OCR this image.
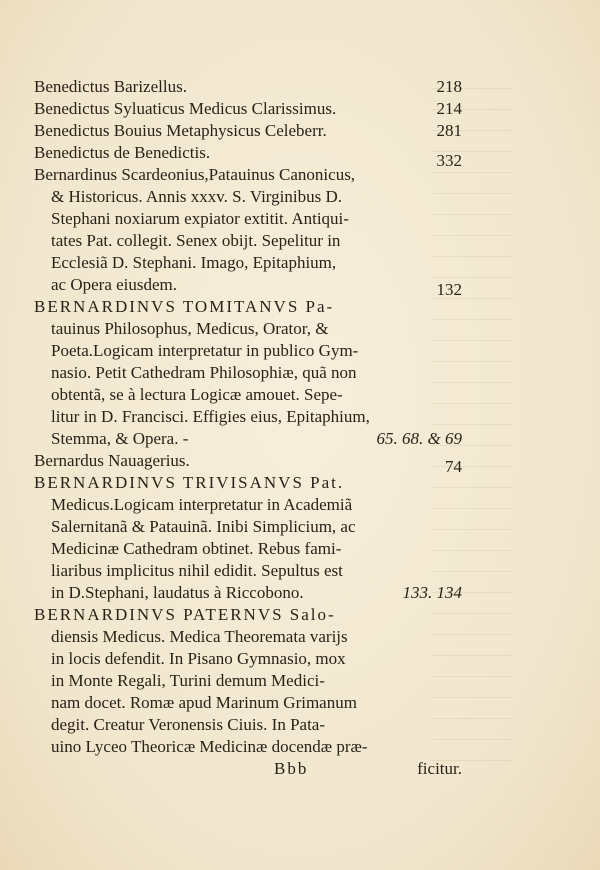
Benedictus Barizellus.	218
Benedictus Syluaticus Medicus Clarissimus.	214
Benedictus Bouius Metaphysicus Celeberr.	281
Benedictus de Benedictis.	332
Bernardinus Scardeonius,Patauinus Canonicus,
& Historicus. Annis xxxv. S. Virginibus D.
Stephani noxiarum expiator extitit. Antiqui-
tates Pat. collegit. Senex obijt. Sepelitur in
Ecclesiã D. Stephani. Imago, Epitaphium,
ac Opera eiusdem.	132
BERNARDINVS TOMITANVS Pa-
tauinus Philosophus, Medicus, Orator, &
Poeta.Logicam interpretatur in publico Gym-
nasio. Petit Cathedram Philosophiæ, quã non
obtentã, se à lectura Logicæ amouet. Sepe-
litur in D. Francisci. Effigies eius, Epitaphium,
Stemma, & Opera. -	65. 68. & 69
Bernardus Nauagerius.	74
BERNARDINVS TRIVISANVS Pat.
Medicus.Logicam interpretatur in Academiã
Salernitanã & Patauinã. Inibi Simplicium, ac
Medicinæ Cathedram obtinet. Rebus fami-
liaribus implicitus nihil edidit. Sepultus est
in D.Stephani, laudatus à Riccobono.	133. 134
BERNARDINVS PATERNVS Salo-
diensis Medicus. Medica Theoremata varijs
in locis defendit. In Pisano Gymnasio, mox
in Monte Regali, Turini demum Medici-
nam docet. Romæ apud Marinum Grimanum
degit. Creatur Veronensis Ciuis. In Pata-
uino Lyceo Theoricæ Medicinæ docendæ præ-
Bbb	ficitur.
